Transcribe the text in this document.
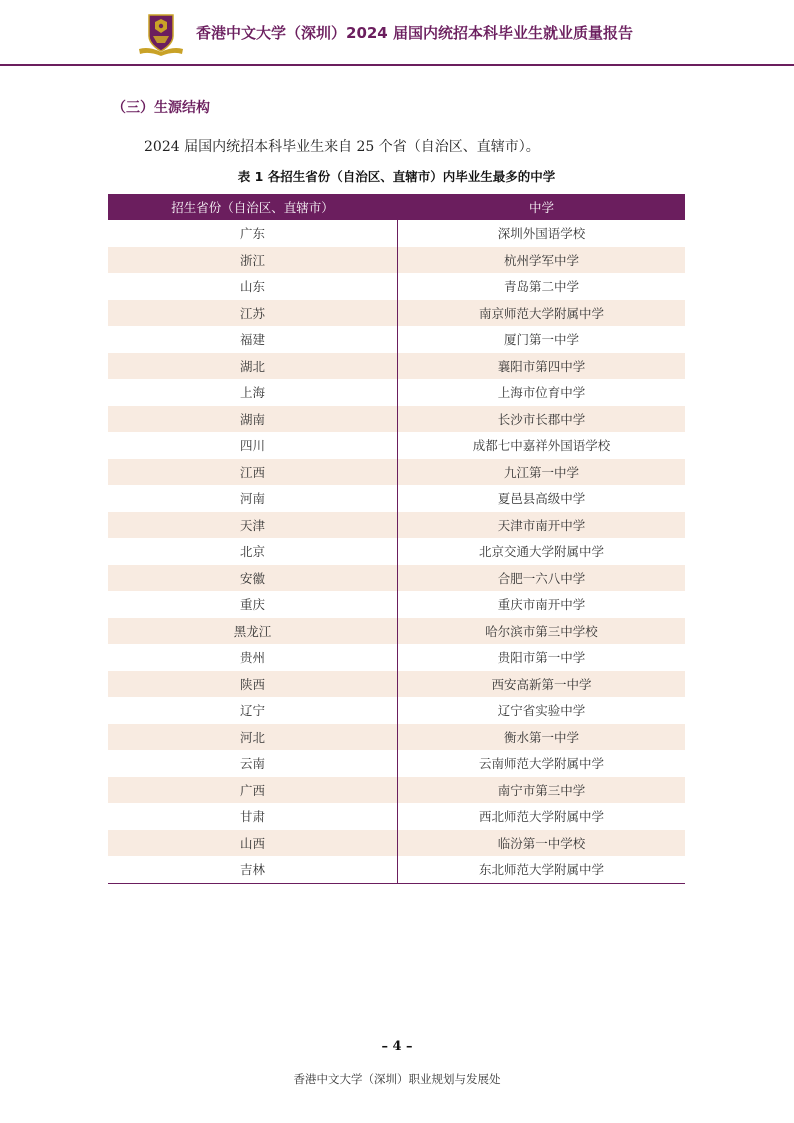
香港中文大学（深圳）2024 届国内统招本科毕业生就业质量报告
（三）生源结构
2024 届国内统招本科毕业生来自 25 个省（自治区、直辖市）。
表 1 各招生省份（自治区、直辖市）内毕业生最多的中学
招生省份（自治区、直辖市）	中学
广东	深圳外国语学校
浙江	杭州学军中学
山东	青岛第二中学
江苏	南京师范大学附属中学
福建	厦门第一中学
湖北	襄阳市第四中学
上海	上海市位育中学
湖南	长沙市长郡中学
四川	成都七中嘉祥外国语学校
江西	九江第一中学
河南	夏邑县高级中学
天津	天津市南开中学
北京	北京交通大学附属中学
安徽	合肥一六八中学
重庆	重庆市南开中学
黑龙江	哈尔滨市第三中学校
贵州	贵阳市第一中学
陕西	西安高新第一中学
辽宁	辽宁省实验中学
河北	衡水第一中学
云南	云南师范大学附属中学
广西	南宁市第三中学
甘肃	西北师范大学附属中学
山西	临汾第一中学校
吉林	东北师范大学附属中学
– 4 –
香港中文大学（深圳）职业规划与发展处
